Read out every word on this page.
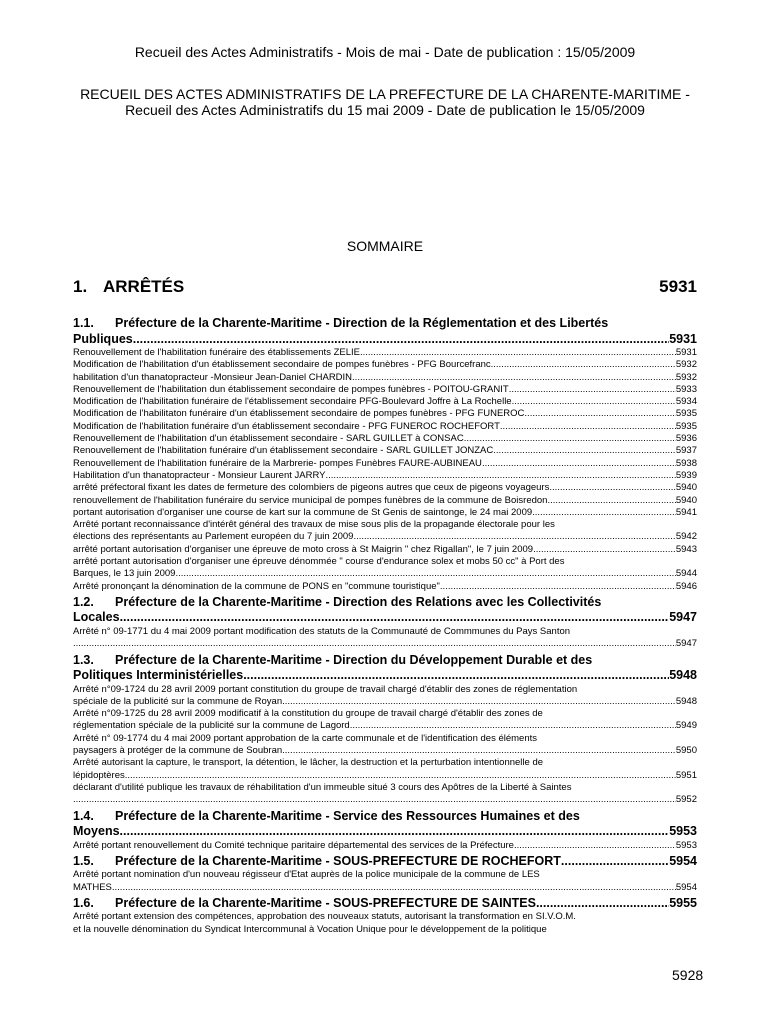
Recueil des Actes Administratifs - Mois de mai - Date de publication : 15/05/2009
RECUEIL DES ACTES ADMINISTRATIFS DE LA PREFECTURE DE LA CHARENTE-MARITIME - Recueil des Actes Administratifs du 15 mai 2009 - Date de publication le 15/05/2009
SOMMAIRE
1. ARRÊTÉS	5931
1.1.	Préfecture de la Charente-Maritime - Direction de la Réglementation et des Libertés
Publiques .....	5931
Renouvellement de l'habilitation funéraire des établissements ZELIE .....	5931
Modification de l'habilitation d'un établissement secondaire de pompes funèbres - PFG Bourcefranc .....	5932
habilitation d'un thanatopracteur -Monsieur Jean-Daniel CHARDIN .....	5932
Renouvellement de l'habilitation dun établissement secondaire de pompes funèbres - POITOU-GRANIT .....	5933
Modification de l'habilitation funéraire de l'établissement secondaire PFG-Boulevard Joffre à La Rochelle .....	5934
Modification de l'habilitaton funéraire d'un établissement secondaire de pompes funèbres - PFG FUNEROC .....	5935
Modification de l'habilitation funéraire d'un établissement secondaire - PFG FUNEROC ROCHEFORT .....	5935
Renouvellement de l'habilitation d'un établissement secondaire - SARL GUILLET à CONSAC .....	5936
Renouvellement de l'habilitation funéraire d'un établissement secondaire - SARL GUILLET JONZAC .....	5937
Renouvellement de l'habilitation funéraire de la Marbrerie- pompes Funèbres FAURE-AUBINEAU .....	5938
Habilitation d'un thanatopracteur - Monsieur Laurent JARRY .....	5939
arrêté préfectoral fixant les dates de fermeture des colombiers de pigeons autres que ceux de pigeons voyageurs .....	5940
renouvellement de l'habilitation funéraire du service municipal de pompes funèbres de la commune de Boisredon .....	5940
portant autorisation d'organiser une course de kart sur la commune de St Genis de saintonge, le 24 mai 2009 .....	5941
Arrêté portant reconnaissance d'intérêt général des travaux de mise sous plis de la propagande électorale pour les
élections des représentants au Parlement européen du 7 juin 2009 .....	5942
arrêté portant autorisation d'organiser une épreuve de moto cross à St Maigrin " chez Rigallan", le 7 juin 2009 .....	5943
arrêté portant autorisation d'organiser une épreuve dénommée " course d'endurance solex et mobs 50 cc" à Port des
Barques, le 13 juin 2009 .....	5944
Arrêté prononçant la dénomination de la commune de PONS en "commune touristique" .....	5946
1.2.	Préfecture de la Charente-Maritime - Direction des Relations avec les Collectivités
Locales .....	5947
Arrêté n° 09-1771 du 4 mai 2009 portant modification des statuts de la Communauté de Commmunes du Pays Santon
.....
5947
1.3.	Préfecture de la Charente-Maritime - Direction du Développement Durable et des
Politiques Interministérielles .....	5948
Arrêté n°09-1724 du 28 avril 2009 portant constitution du groupe de travail chargé d'établir des zones de réglementation
spéciale de la publicité sur la commune de Royan .....	5948
Arrêté n°09-1725 du 28 avril 2009 modificatif à la constitution du groupe de travail chargé d'établir des zones de
réglementation spéciale de la publicité sur la commune de Lagord .....	5949
Arrêté n° 09-1774 du 4 mai 2009 portant approbation de la carte communale et de l'identification des éléments
paysagers à protéger de la commune de Soubran .....	5950
Arrêté autorisant la capture, le transport, la détention, le lâcher, la destruction et la perturbation intentionnelle de
lépidoptères .....	5951
déclarant d'utilité publique les travaux de réhabilitation d'un immeuble situé 3 cours des Apôtres de la Liberté à Saintes
.....
5952
1.4.	Préfecture de la Charente-Maritime - Service des Ressources Humaines et des
Moyens .....	5953
Arrêté portant renouvellement du Comité technique paritaire départemental des services de la Préfecture .....	5953
1.5.	Préfecture de la Charente-Maritime - SOUS-PREFECTURE DE ROCHEFORT .....	5954
Arrêté portant nomination d'un nouveau régisseur d'Etat auprès de la police municipale de la commune de LES
MATHES .....	5954
1.6.	Préfecture de la Charente-Maritime - SOUS-PREFECTURE DE SAINTES .....	5955
Arrêté portant extension des compétences, approbation des nouveaux statuts, autorisant la transformation en SI.V.O.M.
et la nouvelle dénomination du Syndicat Intercommunal à Vocation Unique pour le développement de la politique
5928
